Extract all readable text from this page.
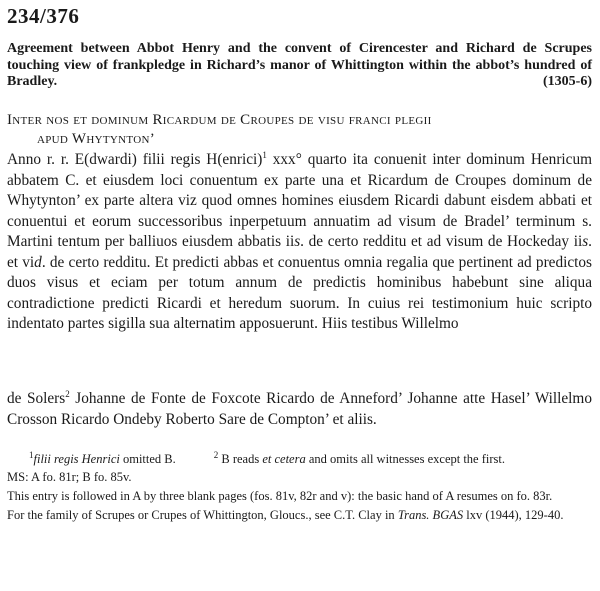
234/376
Agreement between Abbot Henry and the convent of Cirencester and Richard de Scrupes touching view of frankpledge in Richard’s manor of Whittington within the abbot’s hundred of Bradley.	(1305-6)
Inter nos et dominum Ricardum de Croupes de visu franci plegii
apud Whytynton’

Anno r. r. E(dwardi) filii regis H(enrici)$^1$ xxx° quarto ita conuenit inter dominum Henricum abbatem C. et eiusdem loci conuentum ex parte una et Ricardum de Croupes dominum de Whytynton’ ex parte altera viz quod omnes homines eiusdem Ricardi dabunt eisdem abbati et conuentui et eorum successoribus inperpetuum annuatim ad visum de Bradel’ terminum s. Martini tentum per balliuos eiusdem abbatis iis. de certo redditu et ad visum de Hockeday iis. et vid. de certo redditu. Et predicti abbas et conuentus omnia regalia que pertinent ad predictos duos visus et eciam per totum annum de predictis hominibus habebunt sine aliqua contradictione predicti Ricardi et heredum suorum. In cuius rei testimonium huic scripto indentato partes sigilla sua alternatim apposuerunt. Hiis testibus Willelmo

de Solers$^2$ Johanne de Fonte de Foxcote Ricardo de Anneford’ Johanne atte Hasel’ Willelmo Crosson Ricardo Ondeby Roberto Sare de Compton’ et aliis.

$^1$filii regis Henrici omitted B.	$^2$ B reads et cetera and omits all witnesses except the first.

MS: A fo. 81r; B fo. 85v.

This entry is followed in A by three blank pages (fos. 81v, 82r and v): the basic hand of A resumes on fo. 83r.

For the family of Scrupes or Crupes of Whittington, Gloucs., see C.T. Clay in Trans. BGAS lxv (1944), 129-40.
